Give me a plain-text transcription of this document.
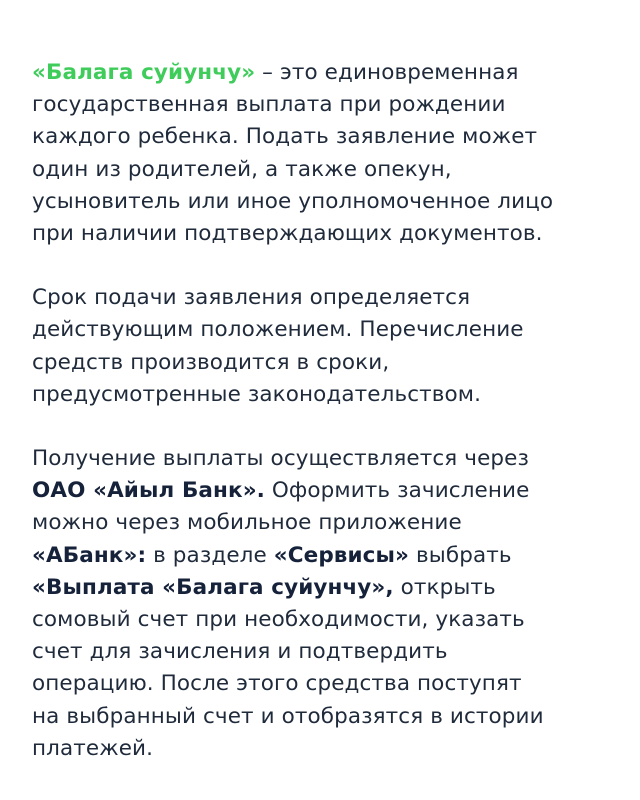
«Балага суйунчу» – это единовременная
государственная выплата при рождении
каждого ребенка. Подать заявление может
один из родителей, а также опекун,
усыновитель или иное уполномоченное лицо
при наличии подтверждающих документов.

Срок подачи заявления определяется
действующим положением. Перечисление
средств производится в сроки,
предусмотренные законодательством.

Получение выплаты осуществляется через
ОАО «Айыл Банк». Оформить зачисление
можно через мобильное приложение
«АБанк»: в разделе «Сервисы» выбрать
«Выплата «Балага суйунчу», открыть
сомовый счет при необходимости, указать
счет для зачисления и подтвердить
операцию. После этого средства поступят
на выбранный счет и отобразятся в истории
платежей.
